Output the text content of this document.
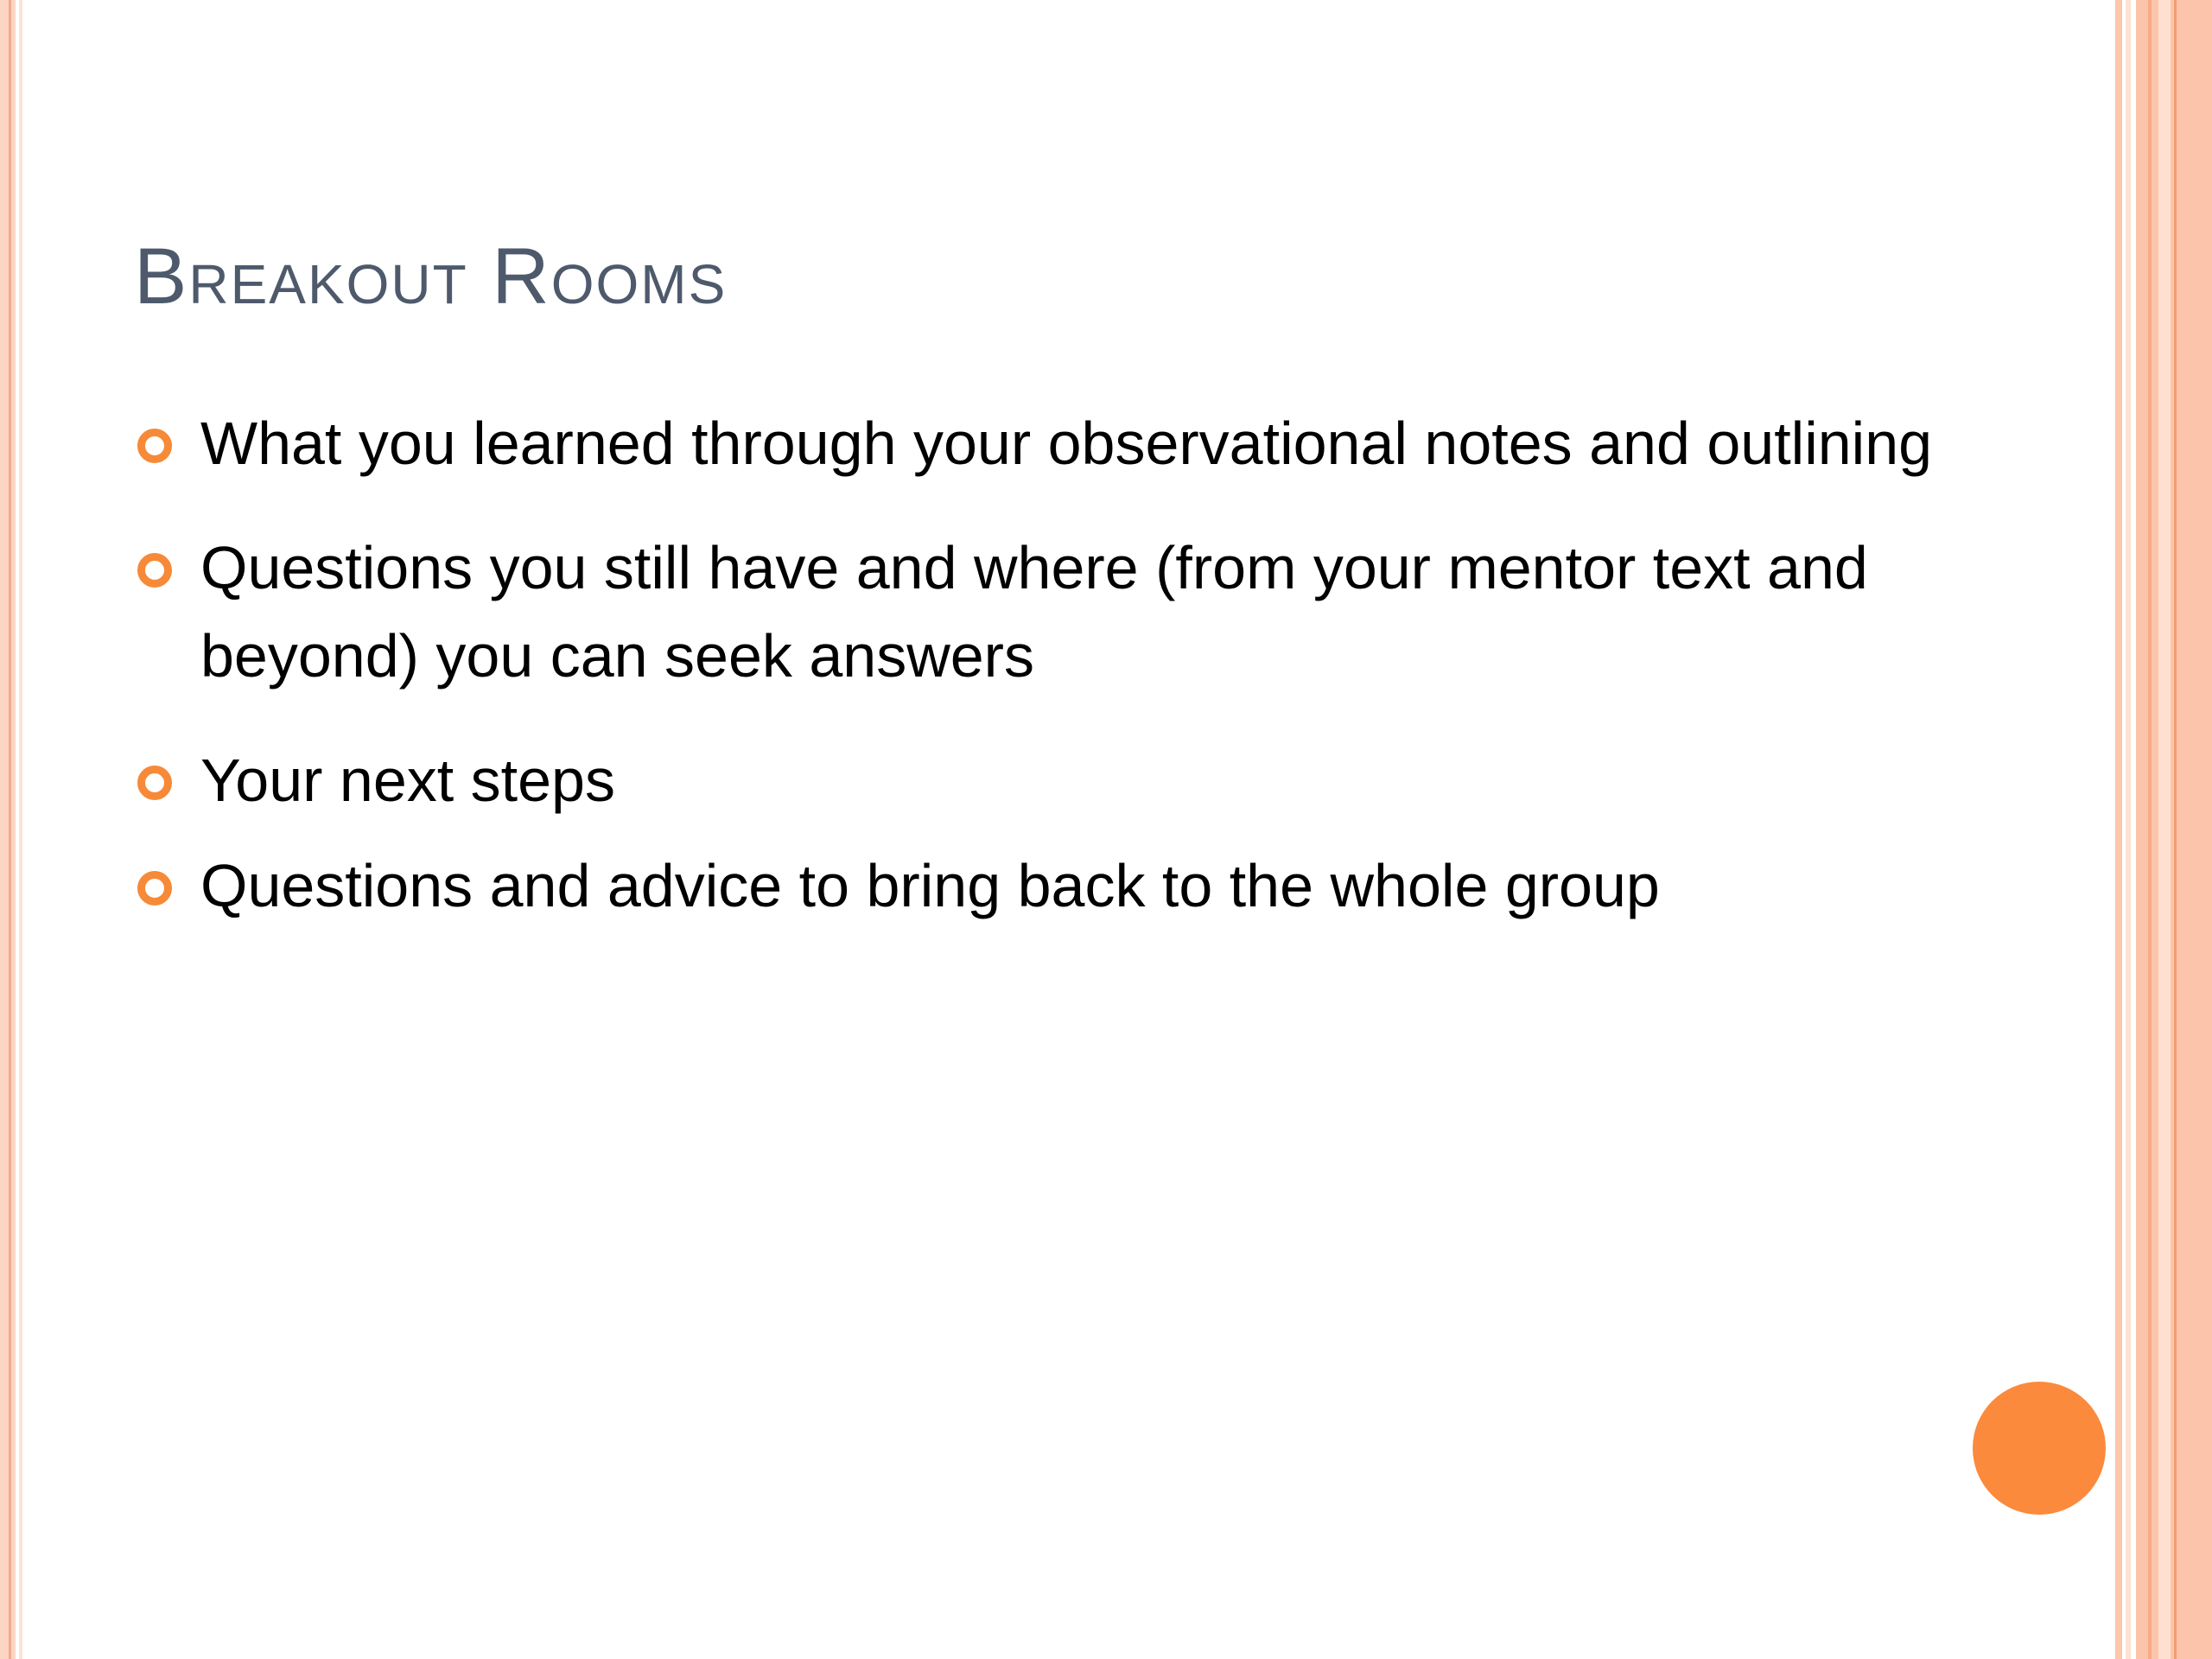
Breakout Rooms
What you learned through your observational notes and outlining
Questions you still have and where (from your mentor text and beyond) you can seek answers
Your next steps
Questions and advice to bring back to the whole group
